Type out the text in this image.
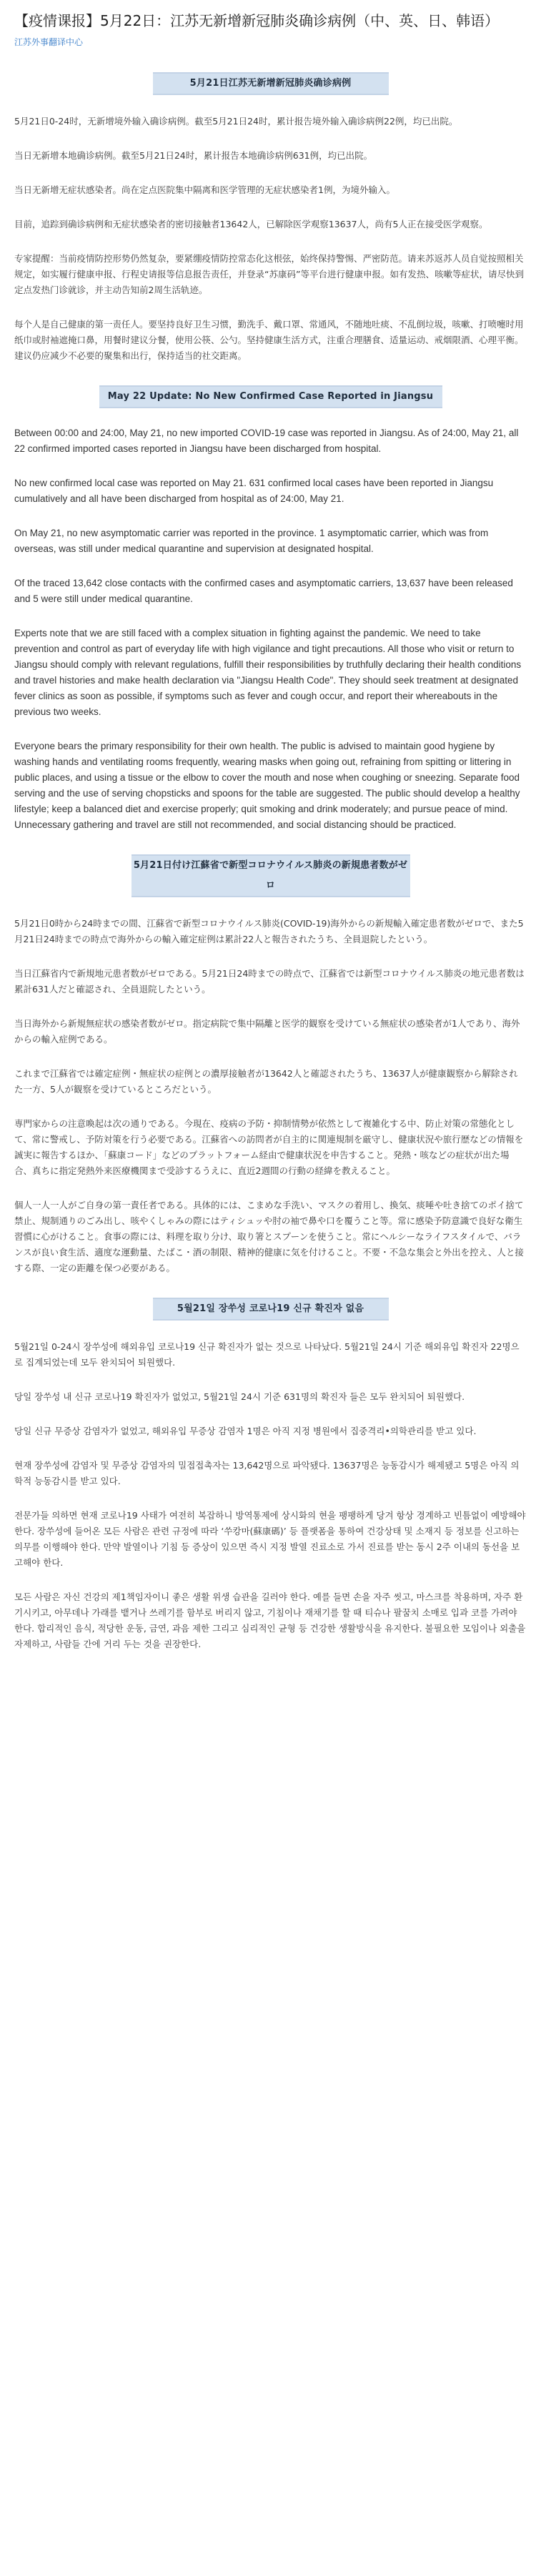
【疫情课报】5月22日：江苏无新增新冠肺炎确诊病例（中、英、日、韩语）
江苏外事翻译中心
5月21日江苏无新增新冠肺炎确诊病例

5月21日0-24时，无新增境外输入确诊病例。截至5月21日24时，累计报告境外输入确诊病例22例，均已出院。

当日无新增本地确诊病例。截至5月21日24时，累计报告本地确诊病例631例，均已出院。

当日无新增无症状感染者。尚在定点医院集中隔离和医学管理的无症状感染者1例，为境外输入。

目前，追踪到确诊病例和无症状感染者的密切接触者13642人，已解除医学观察13637人，尚有5人正在接受医学观察。

专家提醒：当前疫情防控形势仍然复杂，要紧绷疫情防控常态化这根弦，始终保持警惕、严密防范。请来苏返苏人员自觉按照相关规定，如实履行健康申报、行程史请报等信息报告责任，并登录“苏康码”等平台进行健康申报。如有发热、咳嗽等症状，请尽快到定点发热门诊就诊，并主动告知前2周生活轨迹。

每个人是自己健康的第一责任人。要坚持良好卫生习惯，勤洗手、戴口罩、常通风，不随地吐痰、不乱倒垃圾，咳嗽、打喷嚏时用纸巾或肘袖遮掩口鼻，用餐时建议分餐，使用公筷、公勺。坚持健康生活方式，注重合理膳食、适量运动、戒烟限酒、心理平衡。建议仍应减少不必要的聚集和出行，保持适当的社交距离。

May 22 Update: No New Confirmed Case Reported in Jiangsu

Between 00:00 and 24:00, May 21, no new imported COVID-19 case was reported in Jiangsu. As of 24:00, May 21, all 22 confirmed imported cases reported in Jiangsu have been discharged from hospital.

No new confirmed local case was reported on May 21. 631 confirmed local cases have been reported in Jiangsu cumulatively and all have been discharged from hospital as of 24:00, May 21.

On May 21, no new asymptomatic carrier was reported in the province. 1 asymptomatic carrier, which was from overseas, was still under medical quarantine and supervision at designated hospital.

Of the traced 13,642 close contacts with the confirmed cases and asymptomatic carriers, 13,637 have been released and 5 were still under medical quarantine.

Experts note that we are still faced with a complex situation in fighting against the pandemic. We need to take prevention and control as part of everyday life with high vigilance and tight precautions. All those who visit or return to Jiangsu should comply with relevant regulations, fulfill their responsibilities by truthfully declaring their health conditions and travel histories and make health declaration via "Jiangsu Health Code". They should seek treatment at designated fever clinics as soon as possible, if symptoms such as fever and cough occur, and report their whereabouts in the previous two weeks.

Everyone bears the primary responsibility for their own health. The public is advised to maintain good hygiene by washing hands and ventilating rooms frequently, wearing masks when going out, refraining from spitting or littering in public places, and using a tissue or the elbow to cover the mouth and nose when coughing or sneezing. Separate food serving and the use of serving chopsticks and spoons for the table are suggested. The public should develop a healthy lifestyle; keep a balanced diet and exercise properly; quit smoking and drink moderately; and pursue peace of mind. Unnecessary gathering and travel are still not recommended, and social distancing should be practiced.

5月21日付け江蘇省で新型コロナウイルス肺炎の新規患者数がゼロ

5月21日0時から24時までの間、江蘇省で新型コロナウイルス肺炎(COVID-19)海外からの新規輸入確定患者数がゼロで、また5月21日24時までの時点で海外からの輸入確定症例は累計22人と報告されたうち、全員退院したという。

当日江蘇省内で新規地元患者数がゼロである。5月21日24時までの時点で、江蘇省では新型コロナウイルス肺炎の地元患者数は累計631人だと確認され、全員退院したという。

当日海外から新規無症状の感染者数がゼロ。指定病院で集中隔離と医学的観察を受けている無症状の感染者が1人であり、海外からの輸入症例である。

これまで江蘇省では確定症例・無症状の症例との濃厚接触者が13642人と確認されたうち、13637人が健康観察から解除された一方、5人が観察を受けているところだという。

専門家からの注意喚起は次の通りである。今現在、疫病の予防・抑制情勢が依然として複雑化する中、防止対策の常態化として、常に警戒し、予防対策を行う必要である。江蘇省への訪問者が自主的に関連規制を厳守し、健康状況や旅行歴などの情報を誠実に報告するほか、「蘇康コード」などのプラットフォーム経由で健康状況を申告すること。発熱・咳などの症状が出た場合、真ちに指定発熱外来医療機関まで受診するうえに、直近2週間の行動の経緯を教えること。

個人一人一人がご自身の第一責任者である。具体的には、こまめな手洗い、マスクの着用し、換気、痰唾や吐き捨てのポイ捨て禁止、規制通りのごみ出し、咳やくしゃみの際にはティシュッや肘の袖で鼻や口を覆うこと等。常に感染予防意識で良好な衛生習慣に心がけること。食事の際には、料理を取り分け、取り箸とスプーンを使うこと。常にヘルシーなライフスタイルで、バランスが良い食生活、適度な運動量、たばこ・酒の制限、精神的健康に気を付けること。不要・不急な集会と外出を控え、人と接する際、一定の距離を保つ必要がある。

5월21일 장쑤성 코로나19 신규 확진자 없음

5월21일 0-24시 장쑤성에 해외유입 코로나19 신규 확진자가 없는 것으로 나타났다. 5월21일 24시 기준 해외유입 확진자 22명으로 집계되었는데 모두 완치되어 퇴원했다.

당일 장쑤성 내 신규 코로나19 확진자가 없었고, 5월21일 24시 기준 631명의 확진자 들은 모두 완치되어 퇴원했다.

당일 신규 무증상 감염자가 없었고, 해외유입 무증상 감염자 1명은 아직 지정 병원에서 집중격리•의학관리를 받고 있다.

현재 장쑤성에 감염자 및 무증상 감염자의 밀접접촉자는 13,642명으로 파악됐다. 13637명은 능동감시가 해제됐고 5명은 아직 의학적 능동감시를 받고 있다.

전문가들 의하면 현재 코로나19 사태가 여전히 복잡하니 방역통제에 상시화의 현을 팽팽하게 당겨 항상 경계하고 빈틈없이 예방해야 한다. 장쑤성에 들어온 모든 사람은 관련 규정에 따라 ‘쑤캉마(蘇康碼)’ 등 플랫폼을 통하여 건강상태 및 소재지 등 정보를 신고하는 의무를 이행해야 한다. 만약 발열이나 기침 등 증상이 있으면 즉시 지정 발열 진료소로 가서 진료를 받는 동시 2주 이내의 동선을 보고해야 한다.

모든 사람은 자신 건강의 제1책임자이니 좋은 생활 위생 습관을 길러야 한다. 예를 들면 손을 자주 씻고, 마스크를 착용하며, 자주 환기시키고, 아무데나 가래를 뱉거나 쓰레기를 함부로 버리지 않고, 기침이나 재채기를 할 때 티슈나 팔꿈치 소매로 입과 코를 가려야 한다. 합리적인 음식, 적당한 운동, 금연, 과음 제한 그리고 심리적인 균형 등 건강한 생활방식을 유지한다. 불필요한 모임이나 외출을 자제하고, 사람들 간에 거리 두는 것을 권장한다.
